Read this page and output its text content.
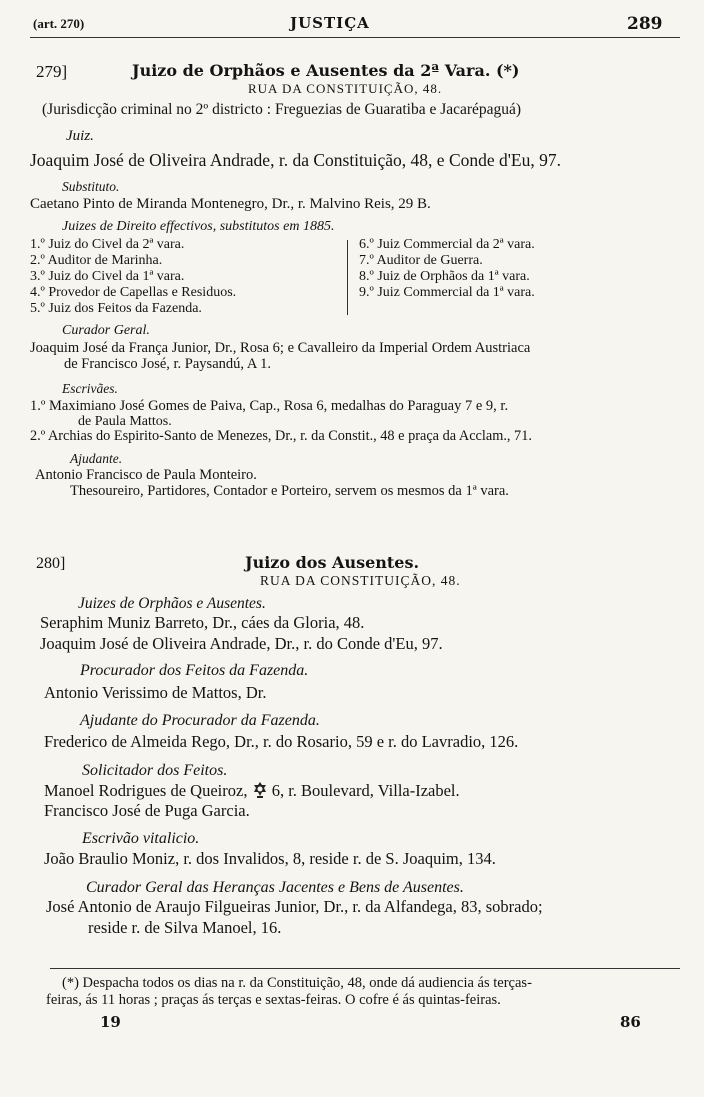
(art. 270)	JUSTIÇA	289
279]	Juizo de Orphãos e Ausentes da 2ª Vara. (*)
RUA DA CONSTITUIÇÃO, 48.
(Jurisdicção criminal no 2º districto : Freguezias de Guaratiba e Jacarépaguá)
Juiz.
Joaquim José de Oliveira Andrade, r. da Constituição, 48, e Conde d'Eu, 97.
Substituto.
Caetano Pinto de Miranda Montenegro, Dr., r. Malvino Reis, 29 B.
Juizes de Direito effectivos, substitutos em 1885.
1.º Juiz do Civel da 2ª vara.
2.º Auditor de Marinha.
3.º Juiz do Civel da 1ª vara.
4.º Provedor de Capellas e Residuos.
5.º Juiz dos Feitos da Fazenda.
6.º Juiz Commercial da 2ª vara.
7.º Auditor de Guerra.
8.º Juiz de Orphãos da 1ª vara.
9.º Juiz Commercial da 1ª vara.
Curador Geral.
Joaquim José da França Junior, Dr., Rosa 6; e Cavalleiro da Imperial Ordem Austriaca
de Francisco José, r. Paysandú, A 1.
Escrivães.
1.º Maximiano José Gomes de Paiva, Cap., Rosa 6, medalhas do Paraguay 7 e 9, r.
de Paula Mattos.
2.º Archias do Espirito-Santo de Menezes, Dr., r. da Constit., 48 e praça da Acclam., 71.
Ajudante.
Antonio Francisco de Paula Monteiro.
Thesoureiro, Partidores, Contador e Porteiro, servem os mesmos da 1ª vara.
280]	Juizo dos Ausentes.
RUA DA CONSTITUIÇÃO, 48.
Juizes de Orphãos e Ausentes.
Seraphim Muniz Barreto, Dr., cáes da Gloria, 48.
Joaquim José de Oliveira Andrade, Dr., r. do Conde d'Eu, 97.
Procurador dos Feitos da Fazenda.
Antonio Verissimo de Mattos, Dr.
Ajudante do Procurador da Fazenda.
Frederico de Almeida Rego, Dr., r. do Rosario, 59 e r. do Lavradio, 126.
Solicitador dos Feitos.
Manoel Rodrigues de Queiroz, 6, r. Boulevard, Villa-Izabel.
Francisco José de Puga Garcia.
Escrivão vitalicio.
João Braulio Moniz, r. dos Invalidos, 8, reside r. de S. Joaquim, 134.
Curador Geral das Heranças Jacentes e Bens de Ausentes.
José Antonio de Araujo Filgueiras Junior, Dr., r. da Alfandega, 83, sobrado;
reside r. de Silva Manoel, 16.
(*) Despacha todos os dias na r. da Constituição, 48, onde dá audiencia ás terças-
feiras, ás 11 horas ; praças ás terças e sextas-feiras. O cofre é ás quintas-feiras.
19	86
